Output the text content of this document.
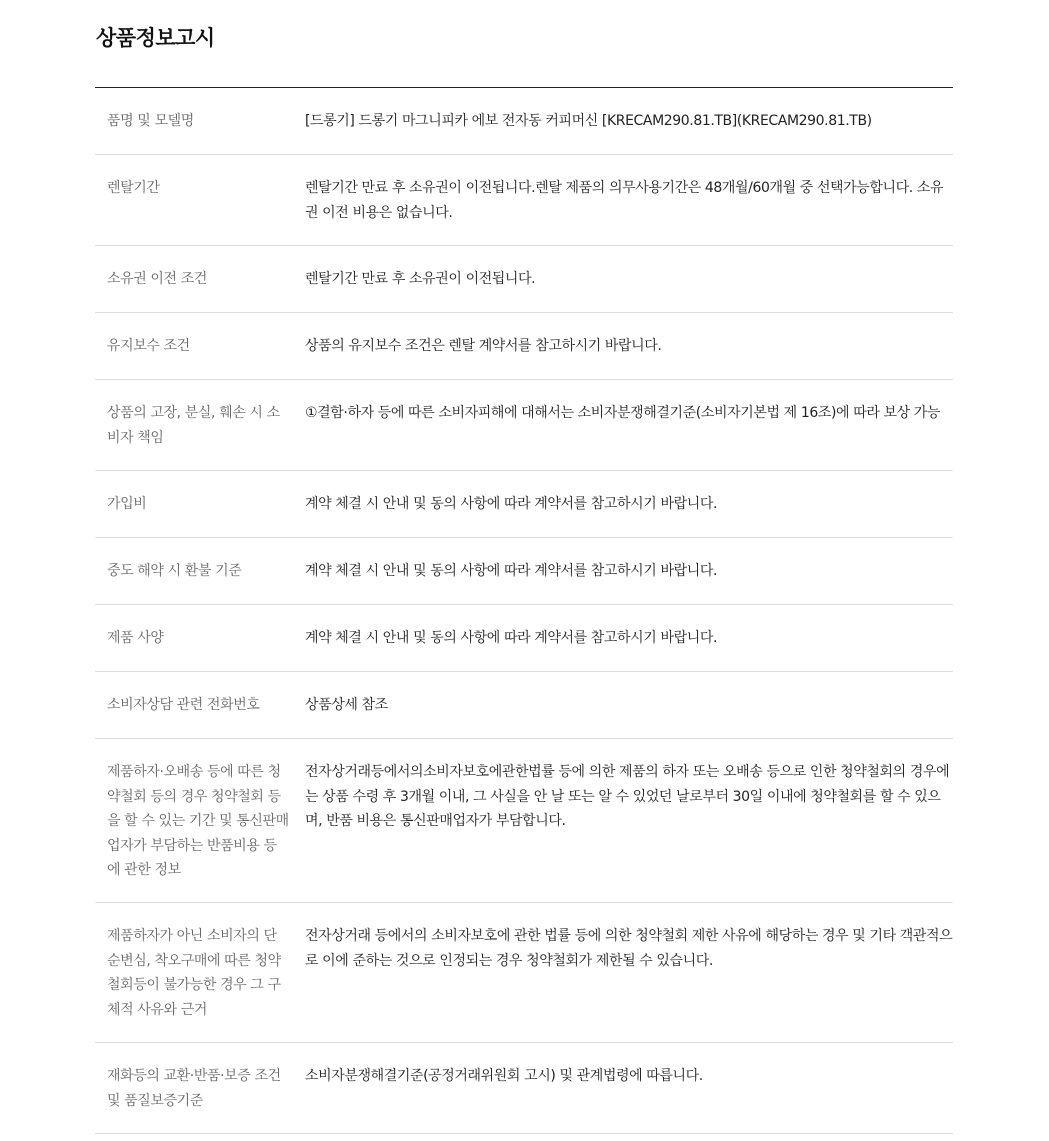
상품정보고시
품명 및 모델명	[드롱기] 드롱기 마그니피카 에보 전자동 커피머신 [KRECAM290.81.TB](KRECAM290.81.TB)

렌탈기간	렌탈기간 만료 후 소유권이 이전됩니다.렌탈 제품의 의무사용기간은 48개월/60개월 중 선택가능합니다. 소유권 이전 비용은 없습니다.

소유권 이전 조건	렌탈기간 만료 후 소유권이 이전됩니다.

유지보수 조건	상품의 유지보수 조건은 렌탈 계약서를 참고하시기 바랍니다.

상품의 고장, 분실, 훼손 시 소비자 책임	①결함·하자 등에 따른 소비자피해에 대해서는 소비자분쟁해결기준(소비자기본법 제 16조)에 따라 보상 가능

가입비	계약 체결 시 안내 및 동의 사항에 따라 계약서를 참고하시기 바랍니다.

중도 해약 시 환불 기준	계약 체결 시 안내 및 동의 사항에 따라 계약서를 참고하시기 바랍니다.

제품 사양	계약 체결 시 안내 및 동의 사항에 따라 계약서를 참고하시기 바랍니다.

소비자상담 관련 전화번호	상품상세 참조

제품하자·오배송 등에 따른 청약철회 등의 경우 청약철회 등을 할 수 있는 기간 및 통신판매업자가 부담하는 반품비용 등에 관한 정보	전자상거래등에서의소비자보호에관한법률 등에 의한 제품의 하자 또는 오배송 등으로 인한 청약철회의 경우에는 상품 수령 후 3개월 이내, 그 사실을 안 날 또는 알 수 있었던 날로부터 30일 이내에 청약철회를 할 수 있으며, 반품 비용은 통신판매업자가 부담합니다.

제품하자가 아닌 소비자의 단순변심, 착오구매에 따른 청약철회등이 불가능한 경우 그 구체적 사유와 근거	전자상거래 등에서의 소비자보호에 관한 법률 등에 의한 청약철회 제한 사유에 해당하는 경우 및 기타 객관적으로 이에 준하는 것으로 인정되는 경우 청약철회가 제한될 수 있습니다.

재화등의 교환·반품·보증 조건 및 품질보증기준	소비자분쟁해결기준(공정거래위원회 고시) 및 관계법령에 따릅니다.
